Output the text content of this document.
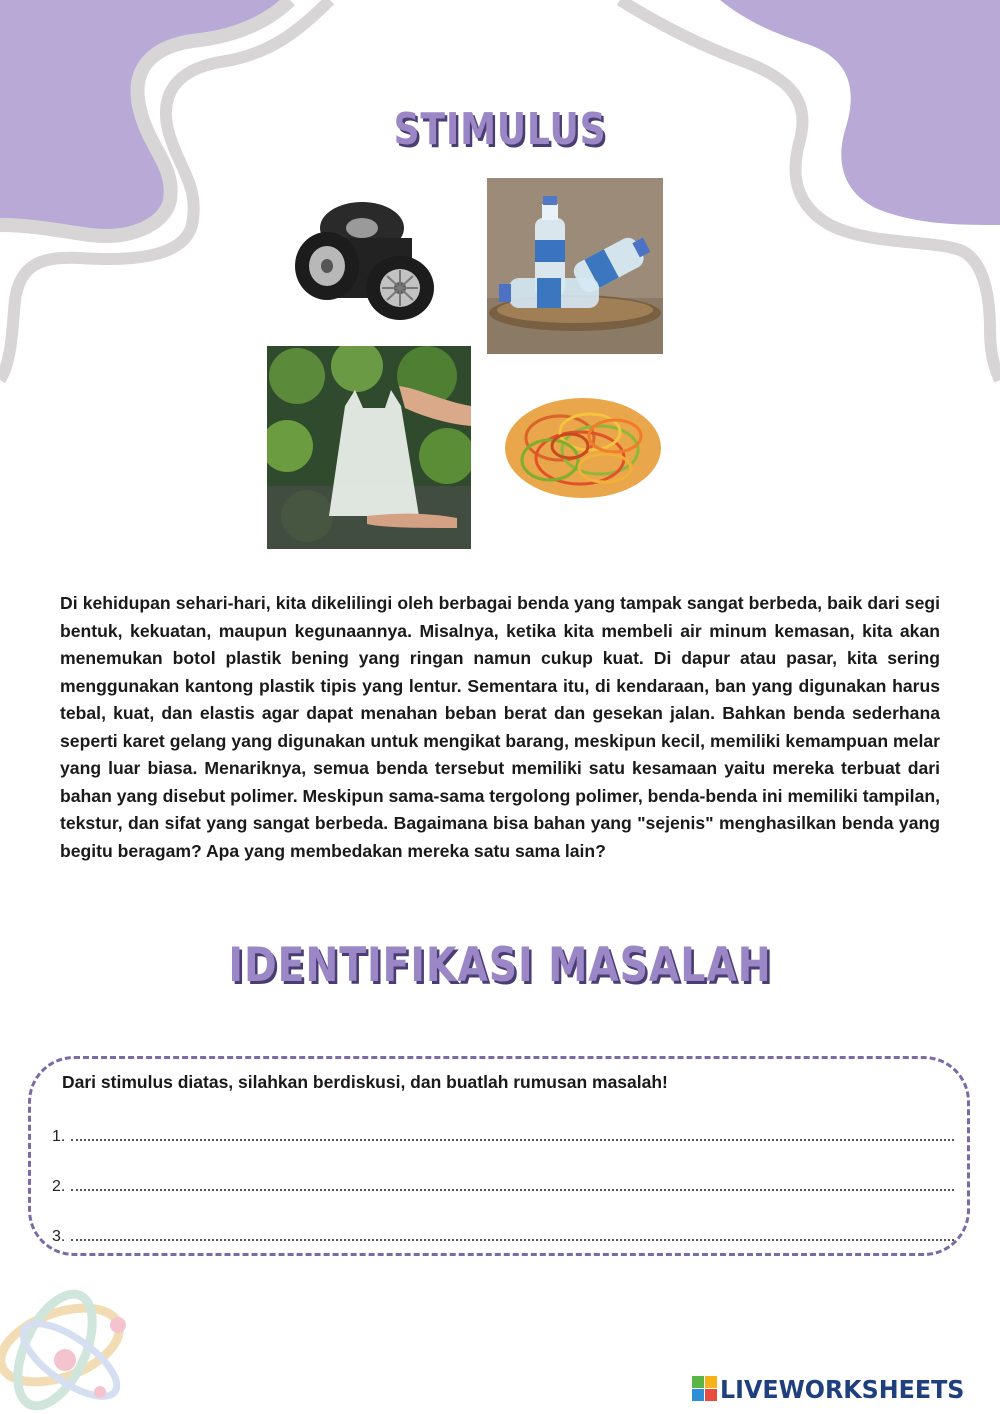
STIMULUS
Di kehidupan sehari-hari, kita dikelilingi oleh berbagai benda yang tampak sangat berbeda, baik dari segi bentuk, kekuatan, maupun kegunaannya. Misalnya, ketika kita membeli air minum kemasan, kita akan menemukan botol plastik bening yang ringan namun cukup kuat. Di dapur atau pasar, kita sering menggunakan kantong plastik tipis yang lentur. Sementara itu, di kendaraan, ban yang digunakan harus tebal, kuat, dan elastis agar dapat menahan beban berat dan gesekan jalan. Bahkan benda sederhana seperti karet gelang yang digunakan untuk mengikat barang, meskipun kecil, memiliki kemampuan melar yang luar biasa. Menariknya, semua benda tersebut memiliki satu kesamaan yaitu mereka terbuat dari bahan yang disebut polimer. Meskipun sama-sama tergolong polimer, benda-benda ini memiliki tampilan, tekstur, dan sifat yang sangat berbeda. Bagaimana bisa bahan yang "sejenis" menghasilkan benda yang begitu beragam? Apa yang membedakan mereka satu sama lain?
IDENTIFIKASI MASALAH
Dari stimulus diatas, silahkan berdiskusi, dan buatlah rumusan masalah!
1.
2.
3.
LIVEWORKSHEETS
